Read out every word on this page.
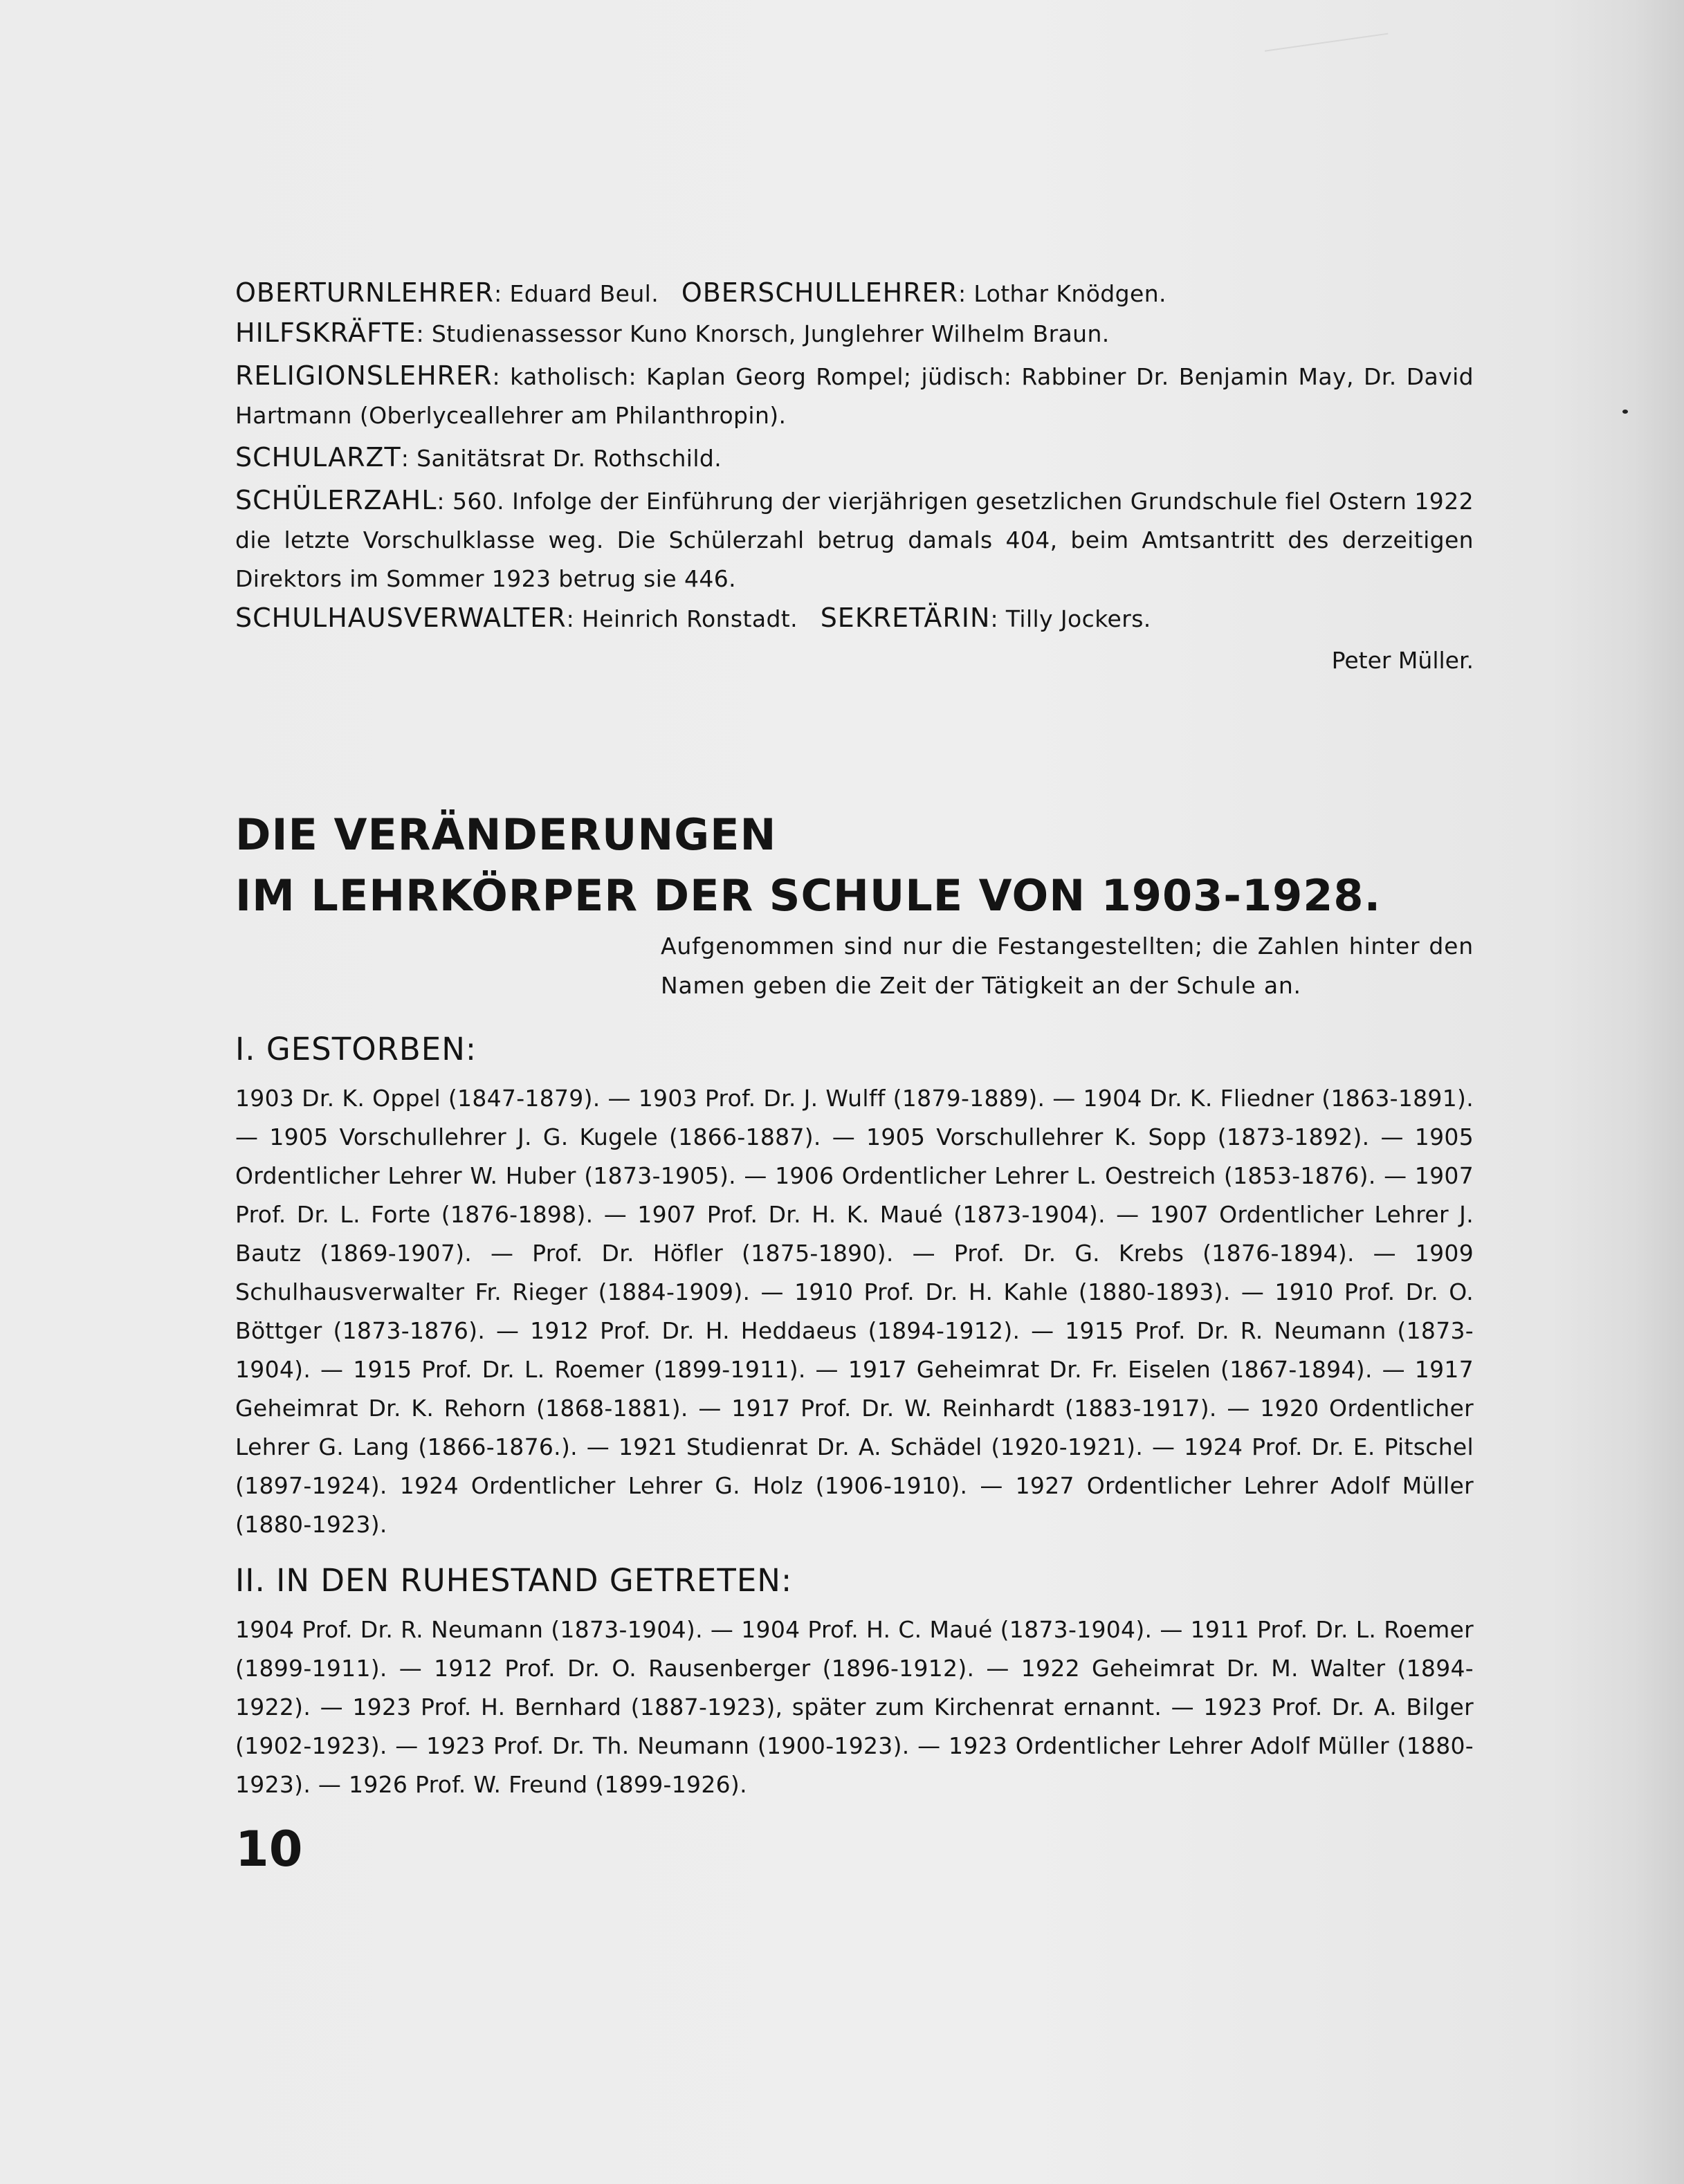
OBERTURNLEHRER: Eduard Beul. OBERSCHULLEHRER: Lothar Knödgen.

HILFSKRÄFTE: Studienassessor Kuno Knorsch, Junglehrer Wilhelm Braun.

RELIGIONSLEHRER: katholisch: Kaplan Georg Rompel; jüdisch: Rabbiner Dr. Benjamin May, Dr. David Hartmann (Oberlyceallehrer am Philanthropin).

SCHULARZT: Sanitätsrat Dr. Rothschild.

SCHÜLERZAHL: 560. Infolge der Einführung der vierjährigen gesetzlichen Grundschule fiel Ostern 1922 die letzte Vorschulklasse weg. Die Schülerzahl betrug damals 404, beim Amtsantritt des derzeitigen Direktors im Sommer 1923 betrug sie 446.

SCHULHAUSVERWALTER: Heinrich Ronstadt. SEKRETÄRIN: Tilly Jockers.

Peter Müller.

DIE VERÄNDERUNGEN
IM LEHRKÖRPER DER SCHULE VON 1903-1928.

Aufgenommen sind nur die Festangestellten; die Zahlen hinter den Namen geben die Zeit der Tätigkeit an der Schule an.

I. GESTORBEN:

1903 Dr. K. Oppel (1847-1879). — 1903 Prof. Dr. J. Wulff (1879-1889). — 1904 Dr. K. Fliedner (1863-1891). — 1905 Vorschullehrer J. G. Kugele (1866-1887). — 1905 Vorschullehrer K. Sopp (1873-1892). — 1905 Ordentlicher Lehrer W. Huber (1873-1905). — 1906 Ordentlicher Lehrer L. Oestreich (1853-1876). — 1907 Prof. Dr. L. Forte (1876-1898). — 1907 Prof. Dr. H. K. Maué (1873-1904). — 1907 Ordentlicher Lehrer J. Bautz (1869-1907). — Prof. Dr. Höfler (1875-1890). — Prof. Dr. G. Krebs (1876-1894). — 1909 Schulhausverwalter Fr. Rieger (1884-1909). — 1910 Prof. Dr. H. Kahle (1880-1893). — 1910 Prof. Dr. O. Böttger (1873-1876). — 1912 Prof. Dr. H. Heddaeus (1894-1912). — 1915 Prof. Dr. R. Neumann (1873-1904). — 1915 Prof. Dr. L. Roemer (1899-1911). — 1917 Geheimrat Dr. Fr. Eiselen (1867-1894). — 1917 Geheimrat Dr. K. Rehorn (1868-1881). — 1917 Prof. Dr. W. Reinhardt (1883-1917). — 1920 Ordentlicher Lehrer G. Lang (1866-1876.). — 1921 Studienrat Dr. A. Schädel (1920-1921). — 1924 Prof. Dr. E. Pitschel (1897-1924). 1924 Ordentlicher Lehrer G. Holz (1906-1910). — 1927 Ordentlicher Lehrer Adolf Müller (1880-1923).

II. IN DEN RUHESTAND GETRETEN:

1904 Prof. Dr. R. Neumann (1873-1904). — 1904 Prof. H. C. Maué (1873-1904). — 1911 Prof. Dr. L. Roemer (1899-1911). — 1912 Prof. Dr. O. Rausenberger (1896-1912). — 1922 Geheimrat Dr. M. Walter (1894-1922). — 1923 Prof. H. Bernhard (1887-1923), später zum Kirchenrat ernannt. — 1923 Prof. Dr. A. Bilger (1902-1923). — 1923 Prof. Dr. Th. Neumann (1900-1923). — 1923 Ordentlicher Lehrer Adolf Müller (1880-1923). — 1926 Prof. W. Freund (1899-1926).

10
